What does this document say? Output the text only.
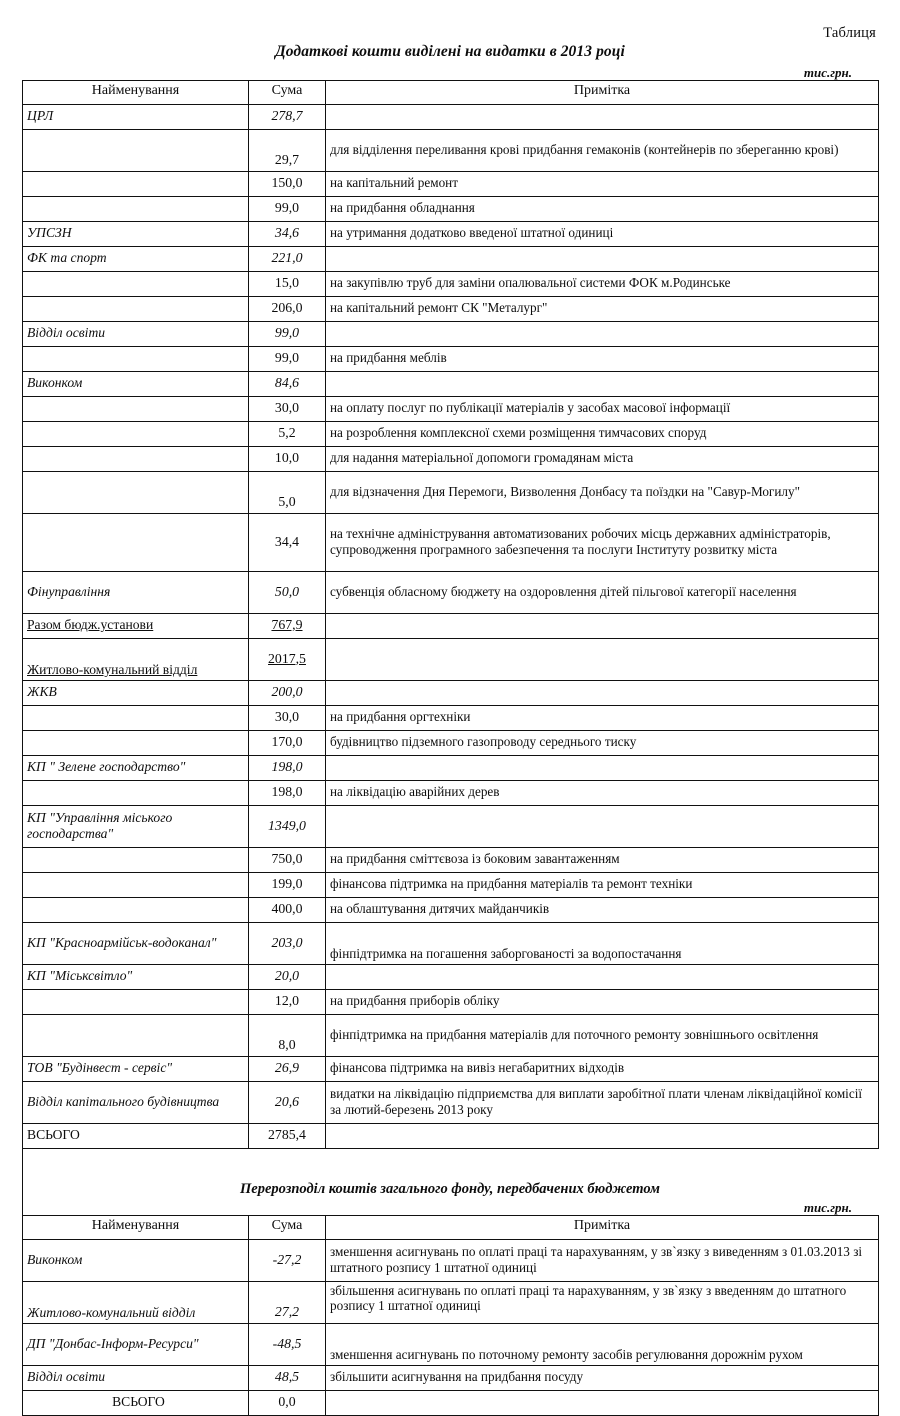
Таблиця
Додаткові кошти виділені на видатки в 2013 році
тис.грн.
Найменування	Сума	Примітка
ЦРЛ	278,7	
	29,7	для відділення переливання крові придбання гемаконів (контейнерів по збереганню крові)
	150,0	на капітальний ремонт
	99,0	на придбання обладнання
УПСЗН	34,6	на утримання додатково введеної штатної одиниці
ФК та спорт	221,0	
	15,0	на закупівлю труб для заміни опалювальної системи ФОК м.Родинське
	206,0	на капітальний ремонт СК "Металург"
Відділ освіти	99,0	
	99,0	на придбання меблів
Виконком	84,6	
	30,0	на оплату послуг по публікації матеріалів у засобах масової інформації
	5,2	на розроблення комплексної схеми розміщення тимчасових споруд
	10,0	для надання матеріальної допомоги громадянам міста
	5,0	для відзначення Дня Перемоги, Визволення Донбасу та поїздки на "Савур-Могилу"
	34,4	на технічне адміністрування автоматизованих робочих місць державних адміністраторів, супроводження програмного забезпечення та послуги Інституту розвитку міста
Фінуправління	50,0	субвенція обласному бюджету на оздоровлення дітей пільгової категорії населення
Разом бюдж.установи	767,9	
Житлово-комунальний відділ	2017,5	
ЖКВ	200,0	
	30,0	на придбання оргтехніки
	170,0	будівництво підземного газопроводу середнього тиску
КП " Зелене господарство"	198,0	
	198,0	на ліквідацію аварійних дерев
КП "Управління міського господарства"	1349,0	
	750,0	на придбання сміттєвоза із боковим завантаженням
	199,0	фінансова підтримка на придбання матеріалів та ремонт техніки
	400,0	на облаштування дитячих майданчиків
КП "Красноармійськ-водоканал"	203,0	фінпідтримка на погашення заборгованості за водопостачання
КП "Міськсвітло"	20,0	
	12,0	на придбання приборів обліку
	8,0	фінпідтримка на придбання матеріалів для поточного ремонту зовнішнього освітлення
ТОВ "Будінвест - сервіс"	26,9	фінансова підтримка на вивіз негабаритних відходів
Відділ капітального будівництва	20,6	видатки на ліквідацію підприємства для виплати заробітної плати членам ліквідаційної комісії за лютий-березень 2013 року
ВСЬОГО	2785,4	
Перерозподіл коштів загального фонду, передбачених бюджетом
тис.грн.
Найменування	Сума	Примітка
Виконком	-27,2	зменшення асигнувань по оплаті праці та нарахуванням, у зв`язку з виведенням з 01.03.2013 зі штатного розпису 1 штатної одиниці
Житлово-комунальний відділ	27,2	збільшення асигнувань по оплаті праці та нарахуванням, у зв`язку з введенням до штатного розпису 1 штатної одиниці
ДП "Донбас-Інформ-Ресурси"	-48,5	зменшення асигнувань по поточному ремонту засобів регулювання дорожнім рухом
Відділ освіти	48,5	збільшити асигнування на придбання посуду
ВСЬОГО	0,0	
